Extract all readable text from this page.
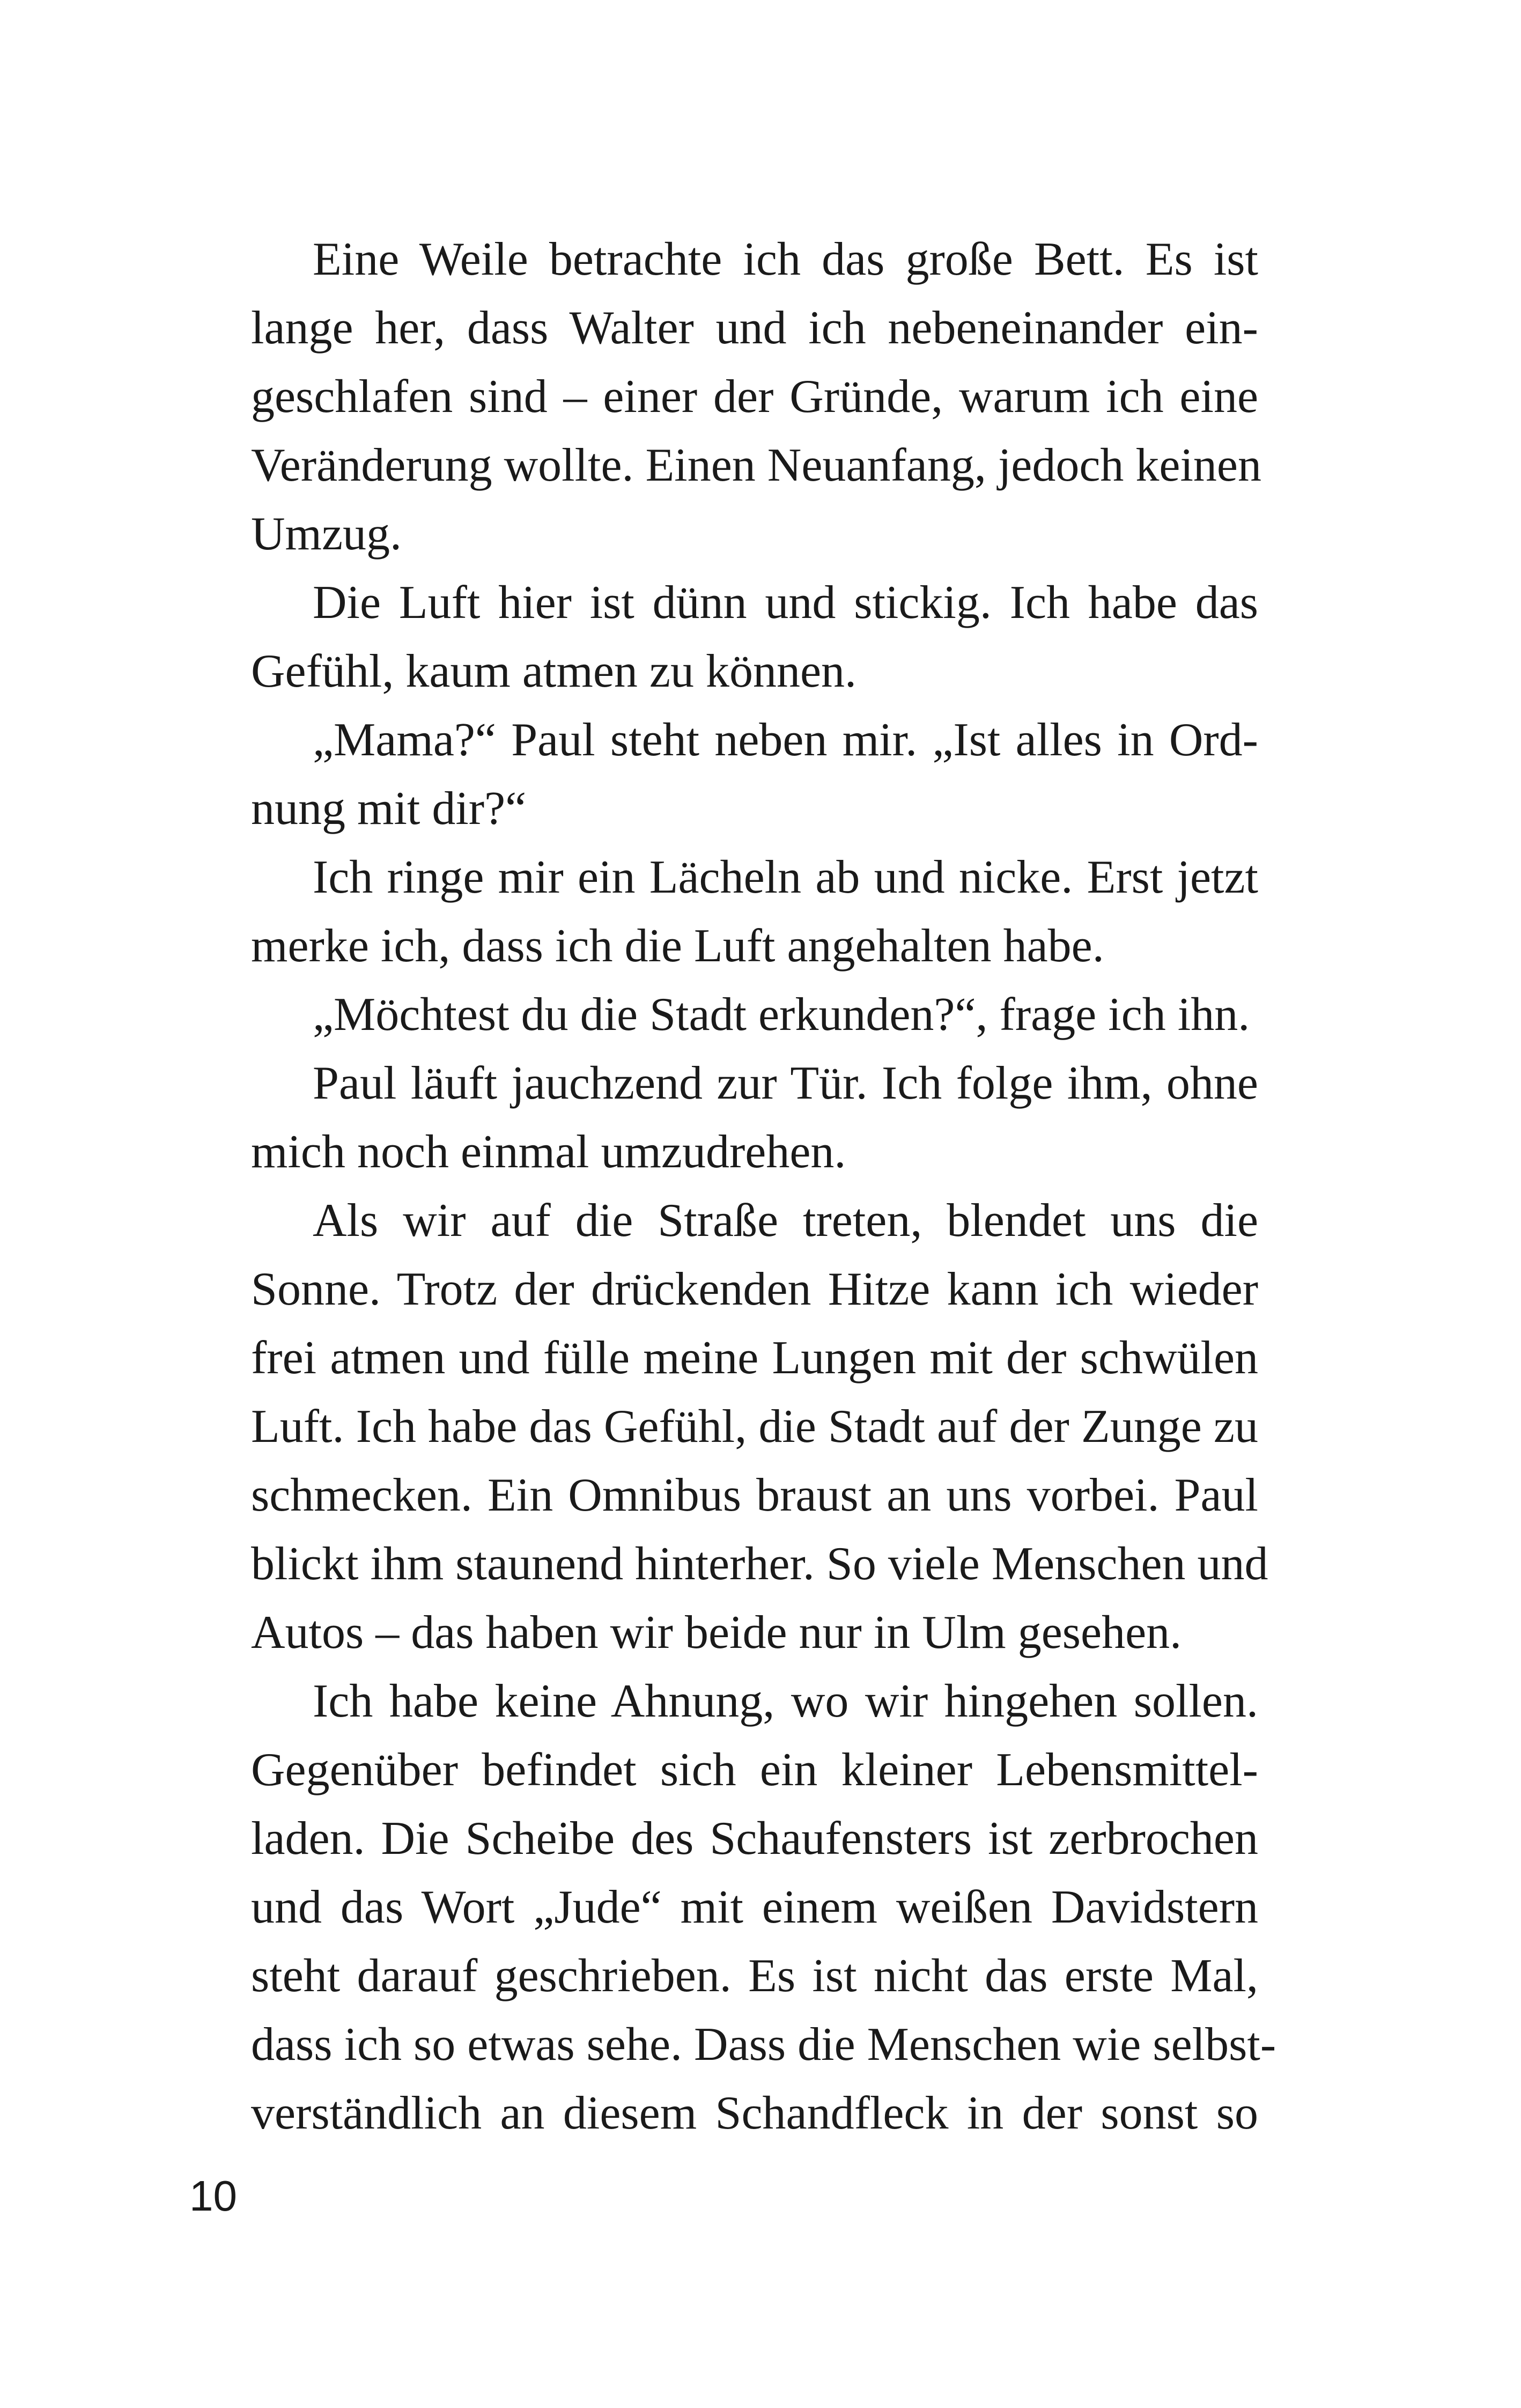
Eine Weile betrachte ich das große Bett. Es ist
lange her, dass Walter und ich nebeneinander ein-
geschlafen sind – einer der Gründe, warum ich eine
Veränderung wollte. Einen Neuanfang, jedoch keinen
Umzug.
Die Luft hier ist dünn und stickig. Ich habe das
Gefühl, kaum atmen zu können.
„Mama?“ Paul steht neben mir. „Ist alles in Ord-
nung mit dir?“
Ich ringe mir ein Lächeln ab und nicke. Erst jetzt
merke ich, dass ich die Luft angehalten habe.
„Möchtest du die Stadt erkunden?“, frage ich ihn.
Paul läuft jauchzend zur Tür. Ich folge ihm, ohne
mich noch einmal umzudrehen.
Als wir auf die Straße treten, blendet uns die
Sonne. Trotz der drückenden Hitze kann ich wieder
frei atmen und fülle meine Lungen mit der schwülen
Luft. Ich habe das Gefühl, die Stadt auf der Zunge zu
schmecken. Ein Omnibus braust an uns vorbei. Paul
blickt ihm staunend hinterher. So viele Menschen und
Autos – das haben wir beide nur in Ulm gesehen.
Ich habe keine Ahnung, wo wir hingehen sollen.
Gegenüber befindet sich ein kleiner Lebensmittel-
laden. Die Scheibe des Schaufensters ist zerbrochen
und das Wort „Jude“ mit einem weißen Davidstern
steht darauf geschrieben. Es ist nicht das erste Mal,
dass ich so etwas sehe. Dass die Menschen wie selbst-
verständlich an diesem Schandfleck in der sonst so
10
